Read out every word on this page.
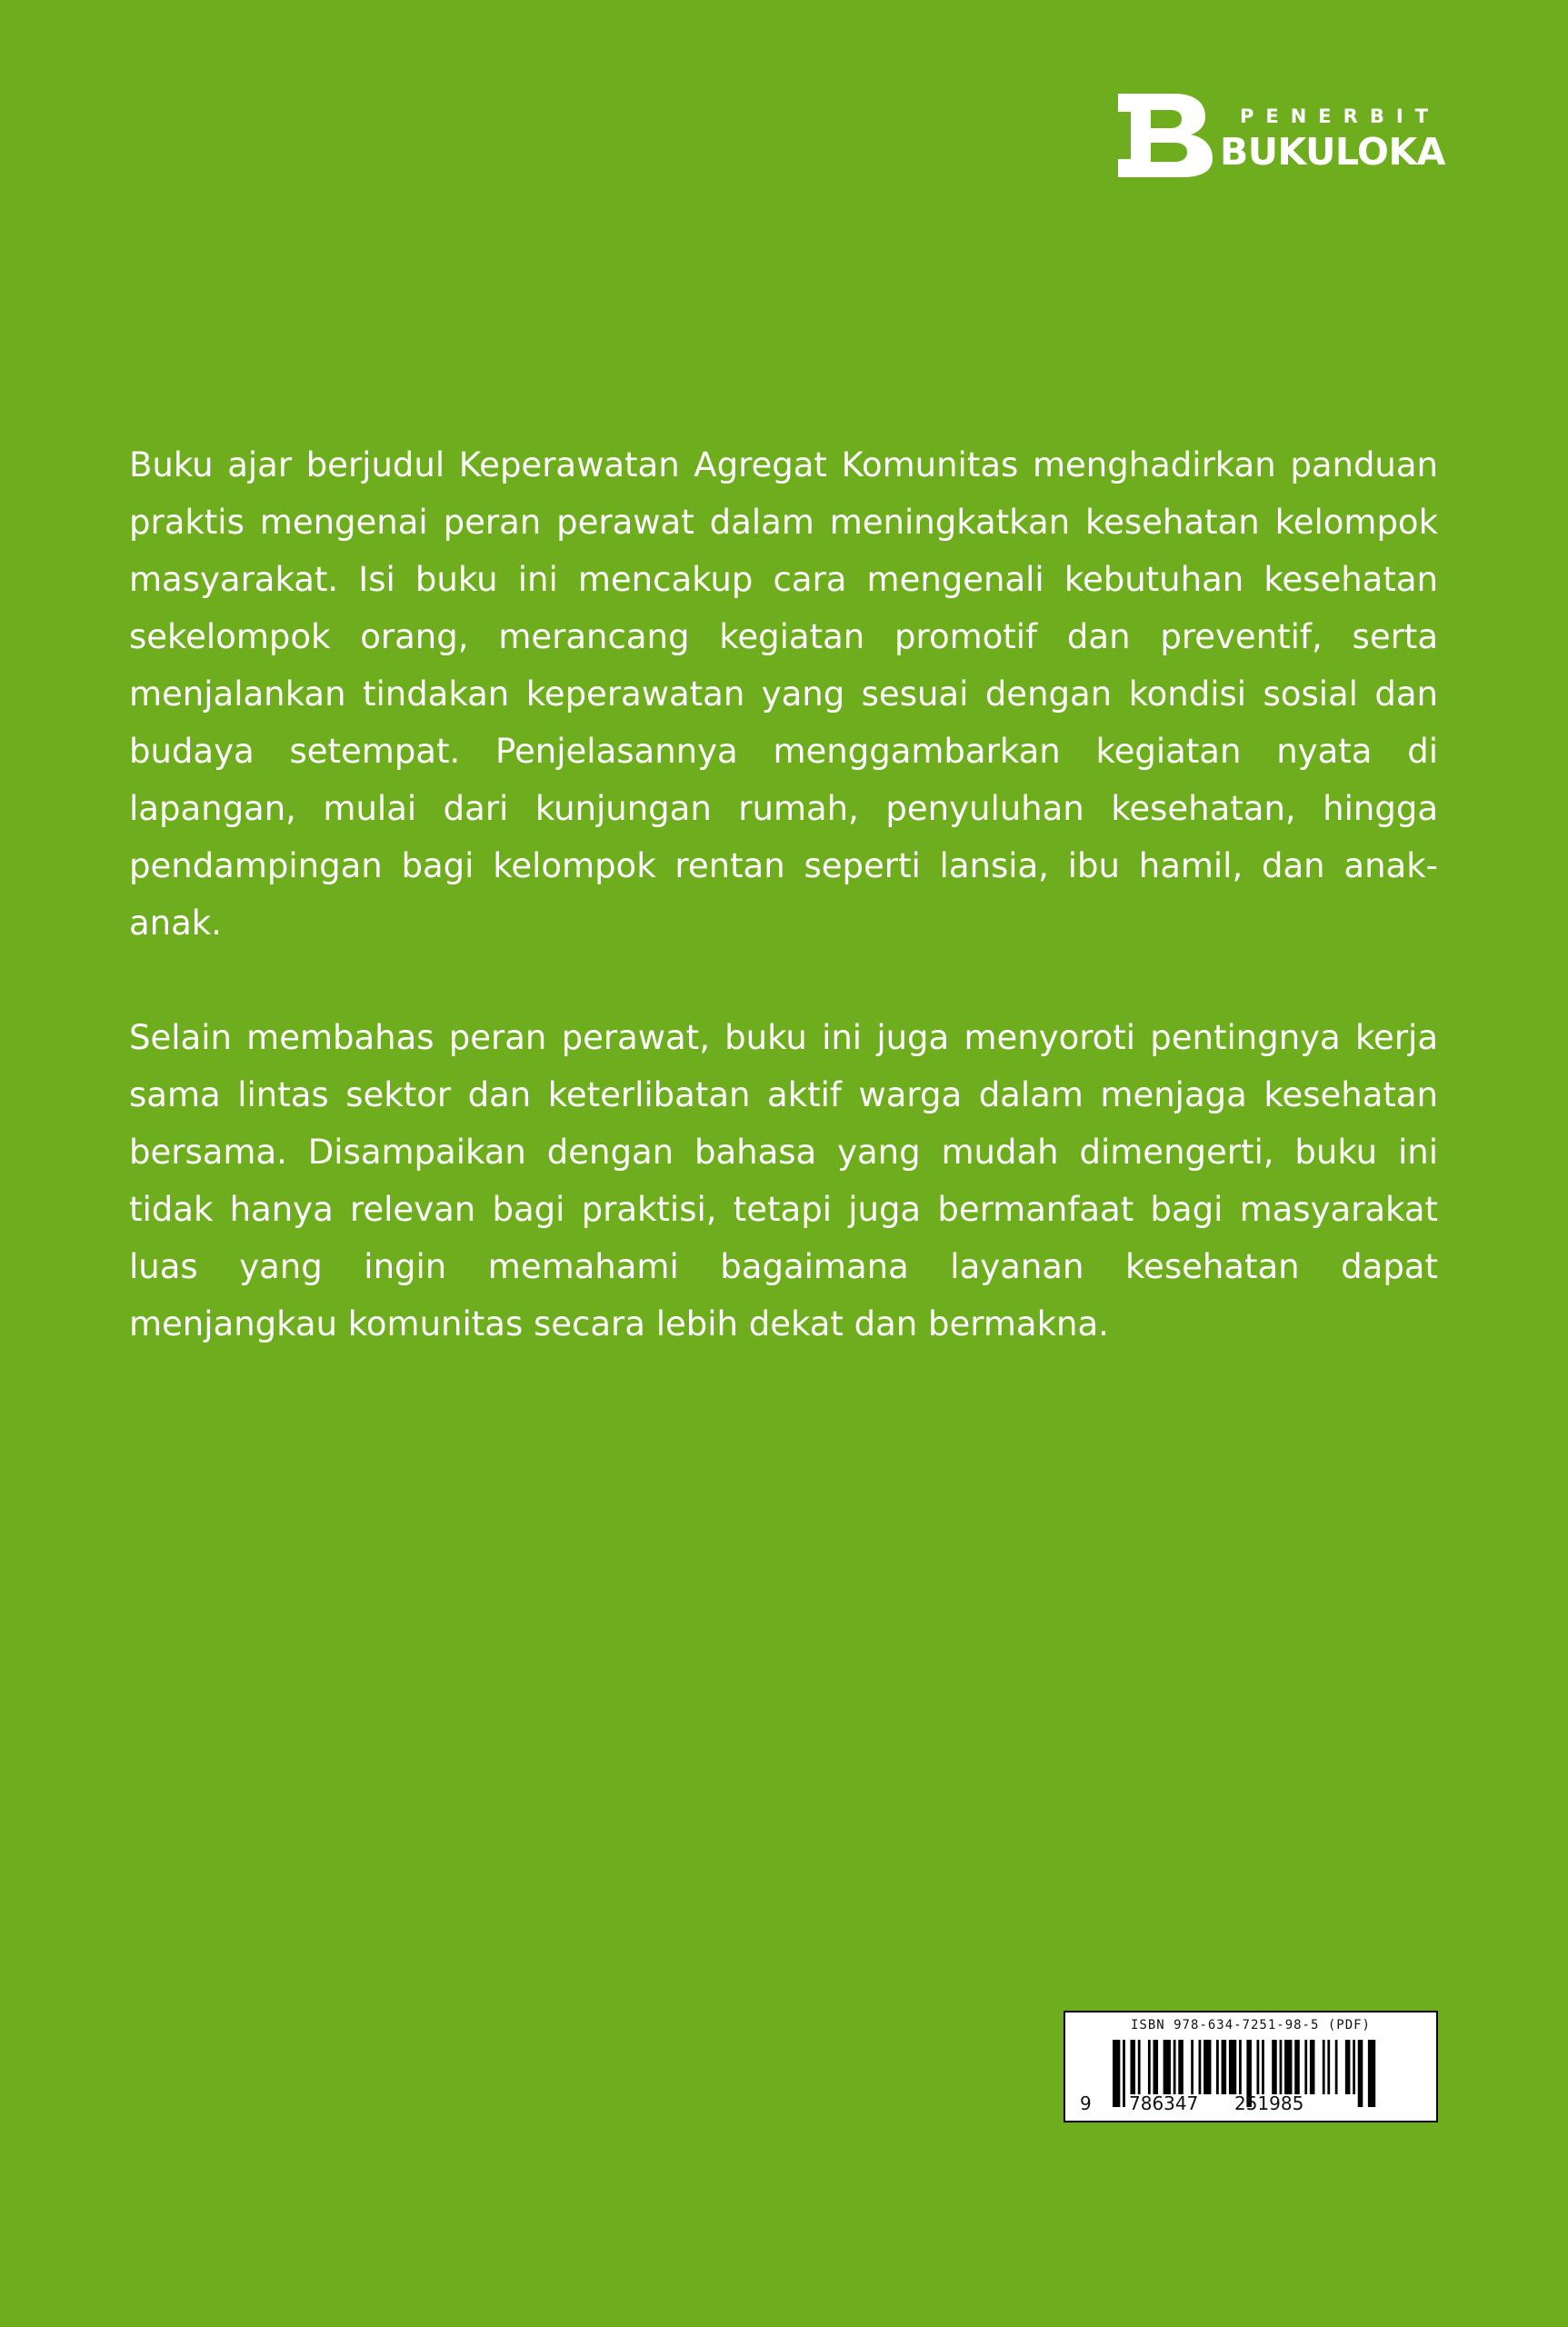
PENERBIT
BUKULOKA

Buku ajar berjudul Keperawatan Agregat Komunitas menghadirkan panduan praktis mengenai peran perawat dalam meningkatkan kesehatan kelompok masyarakat. Isi buku ini mencakup cara mengenali kebutuhan kesehatan sekelompok orang, merancang kegiatan promotif dan preventif, serta menjalankan tindakan keperawatan yang sesuai dengan kondisi sosial dan budaya setempat. Penjelasannya menggambarkan kegiatan nyata di lapangan, mulai dari kunjungan rumah, penyuluhan kesehatan, hingga pendampingan bagi kelompok rentan seperti lansia, ibu hamil, dan anak-anak.

Selain membahas peran perawat, buku ini juga menyoroti pentingnya kerja sama lintas sektor dan keterlibatan aktif warga dalam menjaga kesehatan bersama. Disampaikan dengan bahasa yang mudah dimengerti, buku ini tidak hanya relevan bagi praktisi, tetapi juga bermanfaat bagi masyarakat luas yang ingin memahami bagaimana layanan kesehatan dapat menjangkau komunitas secara lebih dekat dan bermakna.

ISBN 978-634-7251-98-5 (PDF)
9 786347 251985
